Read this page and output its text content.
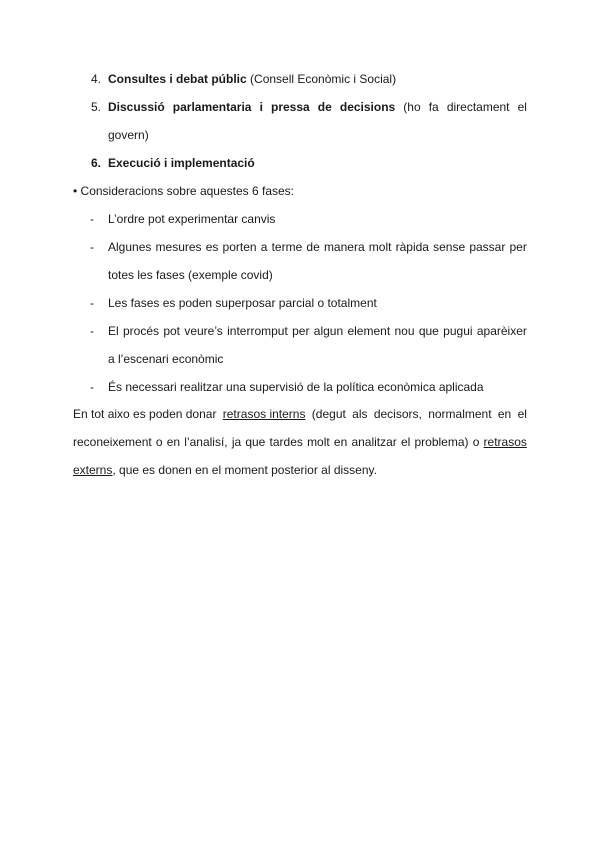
4. Consultes i debat públic (Consell Econòmic i Social)
5. Discussió parlamentaria i pressa de decisions (ho fa directament el
govern)
6. Execució i implementació
• Consideracions sobre aquestes 6 fases:
- L’ordre pot experimentar canvis
- Algunes mesures es porten a terme de manera molt ràpida sense passar per
totes les fases (exemple covid)
- Les fases es poden superposar parcial o totalment
- El procés pot veure’s interromput per algun element nou que pugui aparèixer
a l’escenari econòmic
- És necessari realitzar una supervisió de la política econòmica aplicada
En tot aixo es poden donar retrasos interns (degut als decisors, normalment en el
reconeixement o en l’analisí, ja que tardes molt en analitzar el problema) o retrasos
externs, que es donen en el moment posterior al disseny.
